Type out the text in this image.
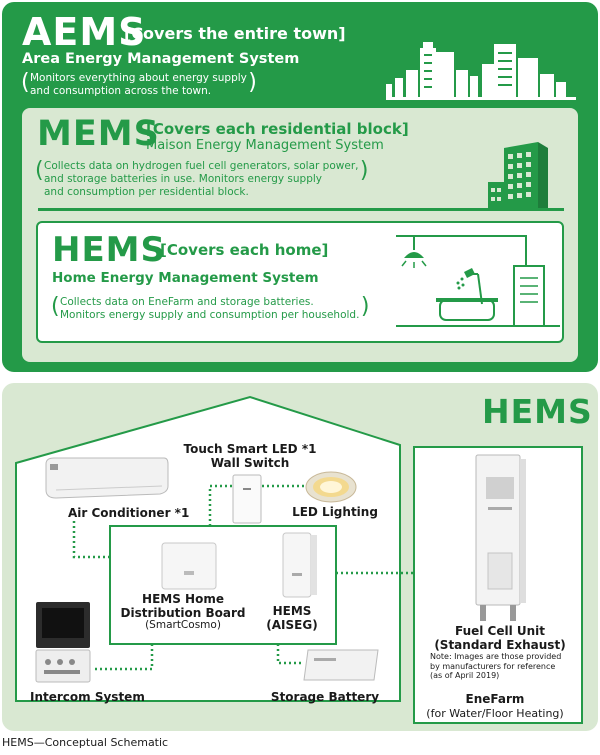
AEMS
[Covers the entire town]
Area Energy Management System
( Monitors everything about energy supply
and consumption across the town.
)
MEMS
[Covers each residential block]
Maison Energy Management System
( Collects data on hydrogen fuel cell generators, solar power,
and storage batteries in use. Monitors energy supply
and consumption per residential block.
)
HEMS
[Covers each home]
Home Energy Management System
( Collects data on EneFarm and storage batteries.
Monitors energy supply and consumption per household.
)
HEMS
Touch Smart LED *1
Wall Switch
Air Conditioner *1	LED Lighting
HEMS Home
Distribution Board
(SmartCosmo)
HEMS
(AISEG)
Intercom System	Storage Battery
Fuel Cell Unit
(Standard Exhaust)
Note: Images are those provided
by manufacturers for reference
(as of April 2019)
EneFarm
(for Water/Floor Heating)
HEMS—Conceptual Schematic
